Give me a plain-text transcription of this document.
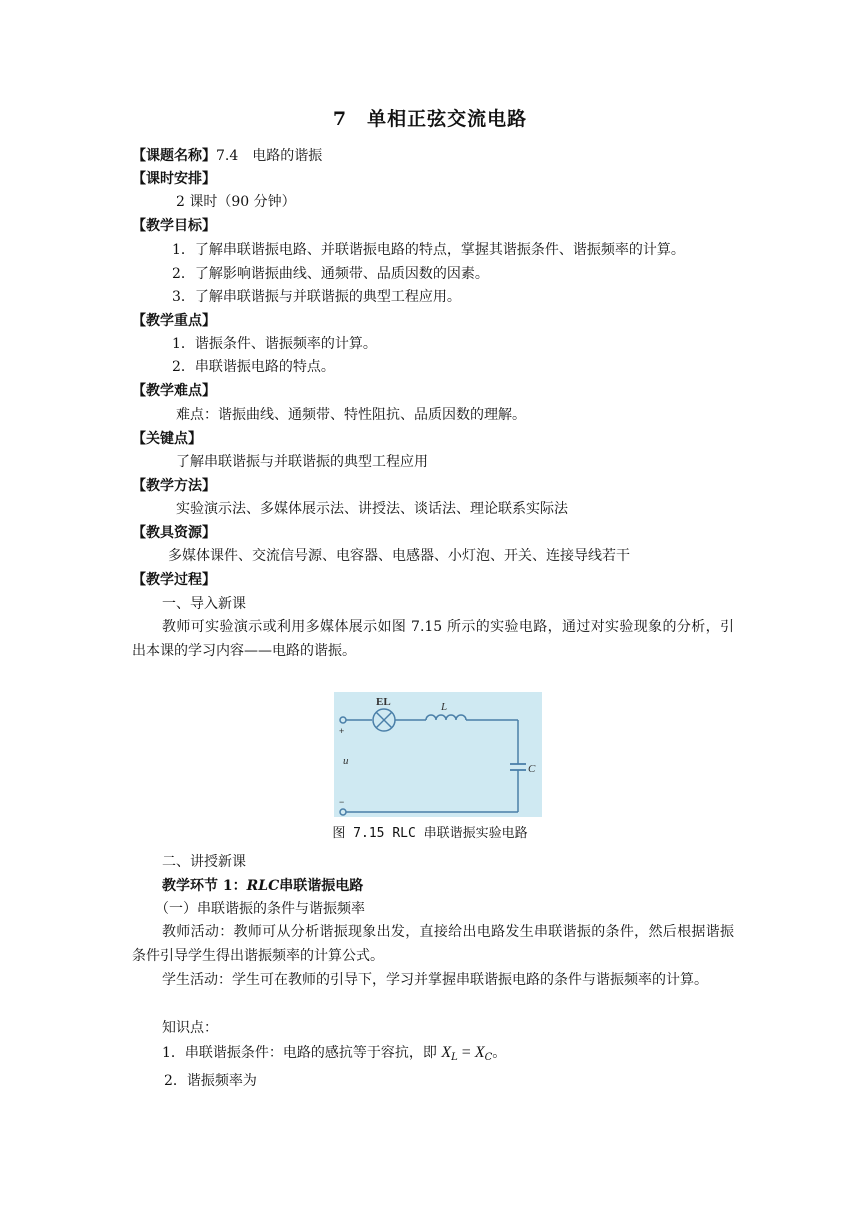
7　单相正弦交流电路
【课题名称】7.4　电路的谐振
【课时安排】
2 课时（90 分钟）
【教学目标】
1．了解串联谐振电路、并联谐振电路的特点，掌握其谐振条件、谐振频率的计算。
2．了解影响谐振曲线、通频带、品质因数的因素。
3．了解串联谐振与并联谐振的典型工程应用。
【教学重点】
1．谐振条件、谐振频率的计算。
2．串联谐振电路的特点。
【教学难点】
难点：谐振曲线、通频带、特性阻抗、品质因数的理解。
【关键点】
了解串联谐振与并联谐振的典型工程应用
【教学方法】
实验演示法、多媒体展示法、讲授法、谈话法、理论联系实际法
【教具资源】
多媒体课件、交流信号源、电容器、电感器、小灯泡、开关、连接导线若干
【教学过程】
一、导入新课
教师可实验演示或利用多媒体展示如图 7.15 所示的实验电路，通过对实验现象的分析，引出本课的学习内容——电路的谐振。
EL	L
C
u
+
−
图 7.15 RLC 串联谐振实验电路
二、讲授新课
教学环节 1：RLC串联谐振电路
（一）串联谐振的条件与谐振频率
教师活动：教师可从分析谐振现象出发，直接给出电路发生串联谐振的条件，然后根据谐振条件引导学生得出谐振频率的计算公式。
学生活动：学生可在教师的引导下，学习并掌握串联谐振电路的条件与谐振频率的计算。
知识点：
1．串联谐振条件：电路的感抗等于容抗，即 $X_L = X_C$。
2．谐振频率为
